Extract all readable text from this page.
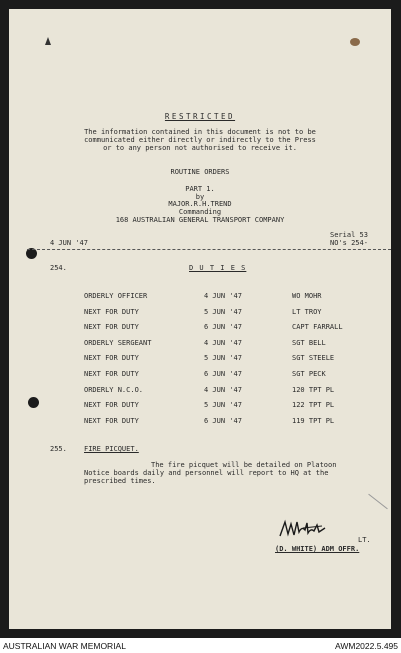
RESTRICTED
The information contained in this document is not to be
communicated either directly or indirectly to the Press
or to any person not authorised to receive it.
ROUTINE ORDERS
PART 1.
by
MAJOR.R.H.TREND
Commanding
168 AUSTRALIAN GENERAL TRANSPORT COMPANY
4 JUN '47
Serial 53
NO's 254-
254.	D U T I E S
ORDERLY OFFICER	4 JUN '47	WO MOHR
NEXT FOR DUTY	5 JUN '47	LT TROY
NEXT FOR DUTY	6 JUN '47	CAPT FARRALL
ORDERLY SERGEANT	4 JUN '47	SGT BELL
NEXT FOR DUTY	5 JUN '47	SGT STEELE
NEXT FOR DUTY	6 JUN '47	SGT PECK
ORDERLY N.C.O.	4 JUN '47	120 TPT PL
NEXT FOR DUTY	5 JUN '47	122 TPT PL
NEXT FOR DUTY	6 JUN '47	119 TPT PL
255. FIRE PICQUET.
The fire picquet will be detailed on Platoon
Notice boards daily and personnel will report to HQ at the
prescribed times.
LT.
(D. WHITE) ADM OFFR.
AUSTRALIAN WAR MEMORIAL	AWM2022.5.495
